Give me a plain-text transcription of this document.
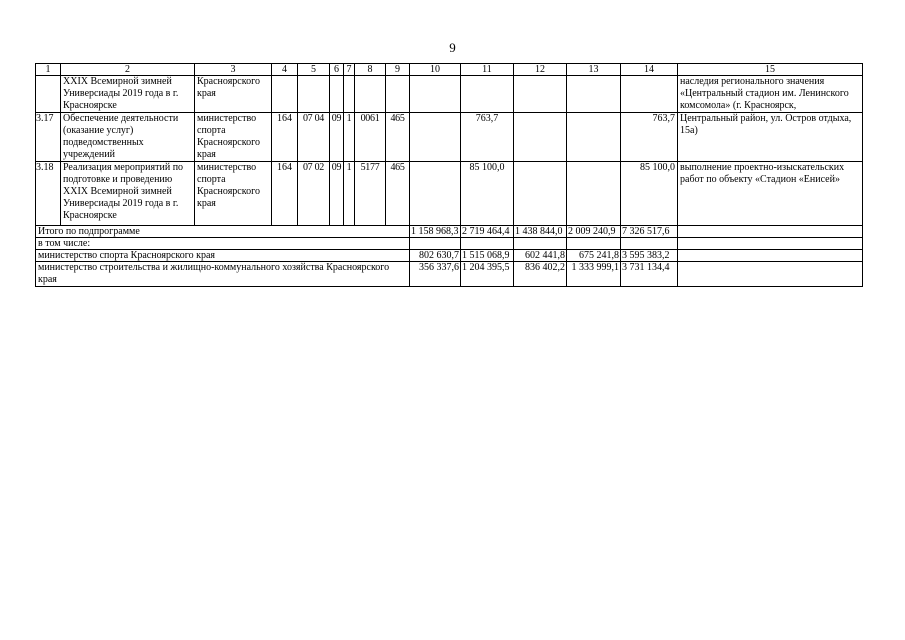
9
1	2	3	4	5	6	7	8	9	10	11	12	13	14	15
	XXIX Всемирной зимней Универсиады 2019 года в г. Красноярске	Красноярского края												наследия регионального значения «Центральный стадион им. Ленинского комсомола» (г. Красноярск,
3.17	Обеспечение деятельности (оказание услуг) подведомственных учреждений	министерство спорта Красноярского края	164	07 04	09	1	0061	465		763,7			763,7	Центральный район, ул. Остров отдыха, 15а)
3.18	Реализация мероприятий по подготовке и проведению XXIX Всемирной зимней Универсиады 2019 года в г. Красноярске	министерство спорта Красноярского края	164	07 02	09	1	5177	465		85 100,0			85 100,0	выполнение проектно-изыскательских работ по объекту «Стадион «Енисей»
Итого по подпрограмме									1 158 968,3	2 719 464,4	1 438 844,0	2 009 240,9	7 326 517,6	
в том числе:														
министерство спорта Красноярского края									802 630,7	1 515 068,9	602 441,8	675 241,8	3 595 383,2	
министерство строительства и жилищно-коммунального хозяйства Красноярского края									356 337,6	1 204 395,5	836 402,2	1 333 999,1	3 731 134,4	
